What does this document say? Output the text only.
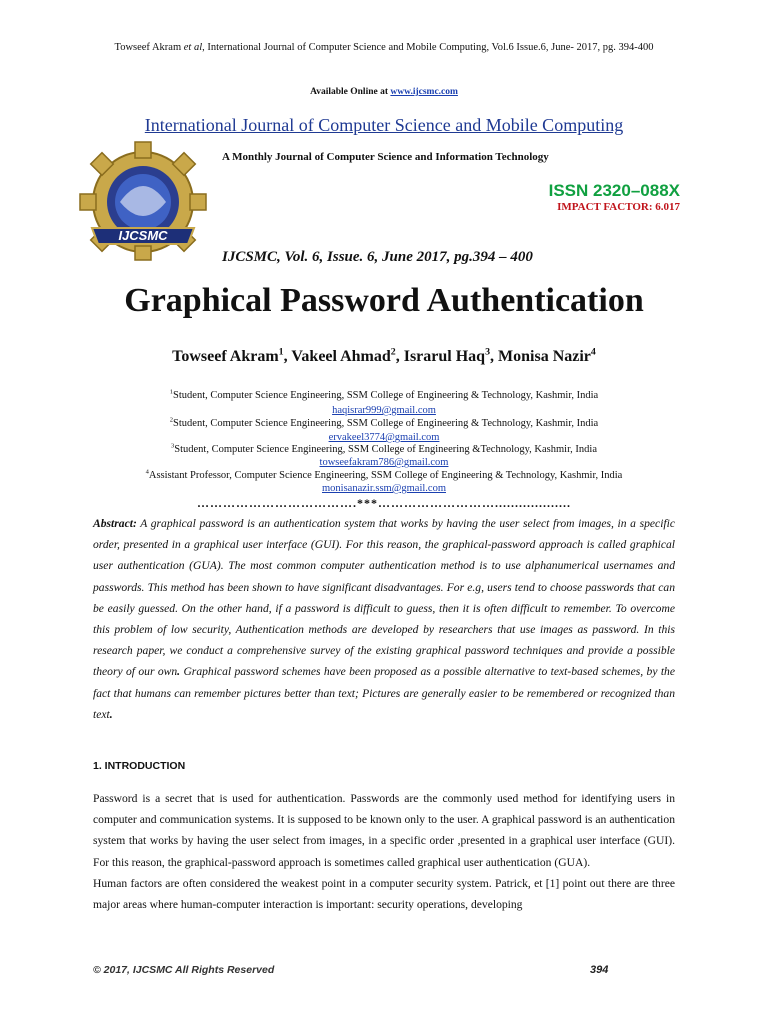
Towseef Akram et al, International Journal of Computer Science and Mobile Computing, Vol.6 Issue.6, June- 2017, pg. 394-400
Available Online at www.ijcsmc.com
International Journal of Computer Science and Mobile Computing
IJCSMC
A Monthly Journal of Computer Science and Information Technology
ISSN 2320–088X
IMPACT FACTOR: 6.017
IJCSMC, Vol. 6, Issue. 6, June 2017, pg.394 – 400
Graphical Password Authentication
Towseef Akram$^1$, Vakeel Ahmad$^2$, Israrul Haq$^3$, Monisa Nazir$^4$
$^1$Student, Computer Science Engineering, SSM College of Engineering & Technology, Kashmir, India
haqisrar999@gmail.com
$^2$Student, Computer Science Engineering, SSM College of Engineering & Technology, Kashmir, India
ervakeel3774@gmail.com
$^3$Student, Computer Science Engineering, SSM College of Engineering &Technology, Kashmir, India
towseefakram786@gmail.com
$^4$Assistant Professor, Computer Science Engineering, SSM College of Engineering & Technology, Kashmir, India
monisanazir.ssm@gmail.com
……………………………….***………………………...................
Abstract: A graphical password is an authentication system that works by having the user select from images, in a specific order, presented in a graphical user interface (GUI). For this reason, the graphical-password approach is called graphical user authentication (GUA). The most common computer authentication method is to use alphanumerical usernames and passwords. This method has been shown to have significant disadvantages. For e.g, users tend to choose passwords that can be easily guessed. On the other hand, if a password is difficult to guess, then it is often difficult to remember. To overcome this problem of low security, Authentication methods are developed by researchers that use images as password. In this research paper, we conduct a comprehensive survey of the existing graphical password techniques and provide a possible theory of our own. Graphical password schemes have been proposed as a possible alternative to text-based schemes, by the fact that humans can remember pictures better than text; Pictures are generally easier to be remembered or recognized than text.
1. INTRODUCTION
Password is a secret that is used for authentication. Passwords are the commonly used method for identifying users in computer and communication systems. It is supposed to be known only to the user. A graphical password is an authentication system that works by having the user select from images, in a specific order ,presented in a graphical user interface (GUI). For this reason, the graphical-password approach is sometimes called graphical user authentication (GUA).
Human factors are often considered the weakest point in a computer security system. Patrick, et [1] point out there are three major areas where human-computer interaction is important: security operations, developing
© 2017, IJCSMC All Rights Reserved	394
